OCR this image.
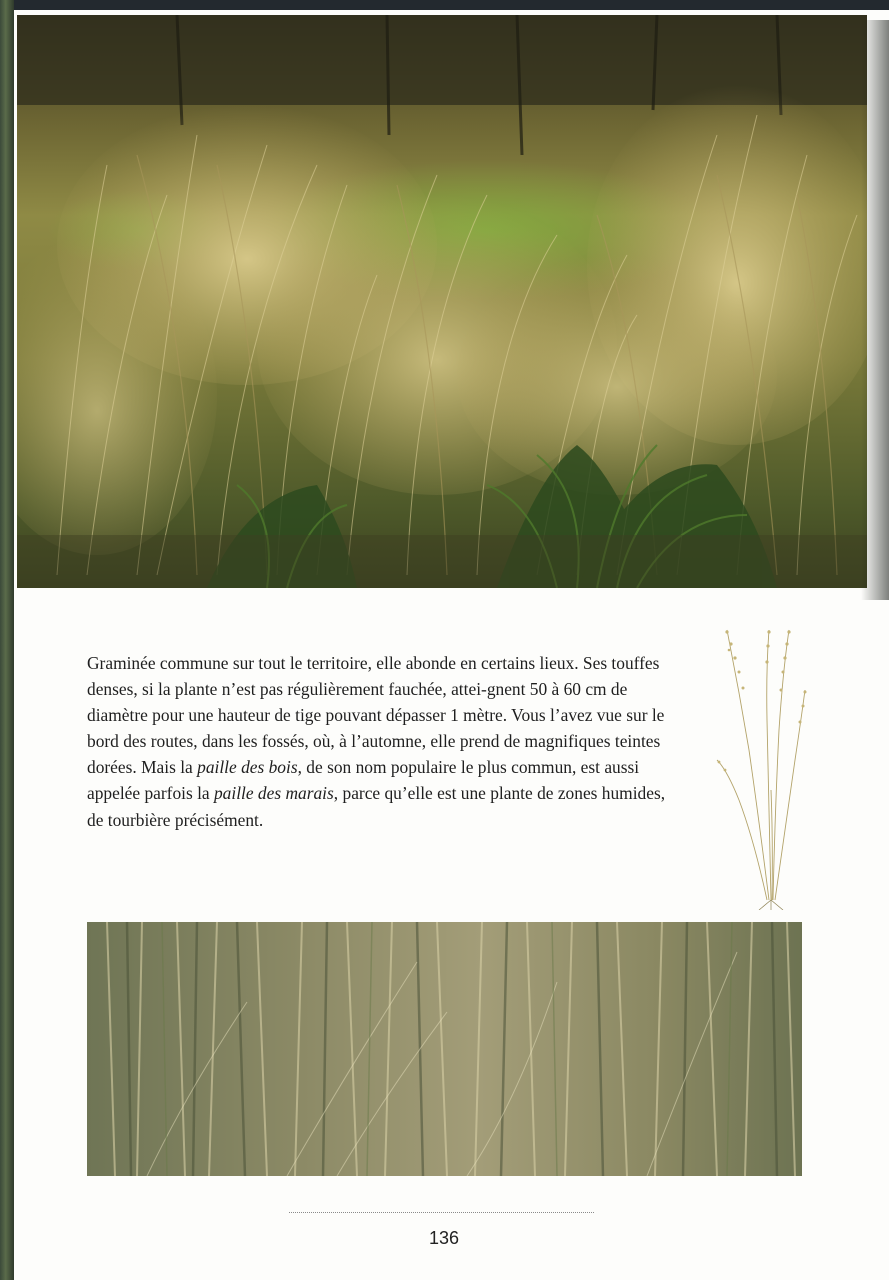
Graminée commune sur tout le territoire, elle abonde en certains lieux. Ses touffes denses, si la plante n’est pas régulièrement fauchée, attei-gnent 50 à 60 cm de diamètre pour une hauteur de tige pouvant dépasser 1 mètre. Vous l’avez vue sur le bord des routes, dans les fossés, où, à l’automne, elle prend de magnifiques teintes dorées. Mais la paille des bois, de son nom populaire le plus commun, est aussi appelée parfois la paille des marais, parce qu’elle est une plante de zones humides, de tourbière précisément.

136
